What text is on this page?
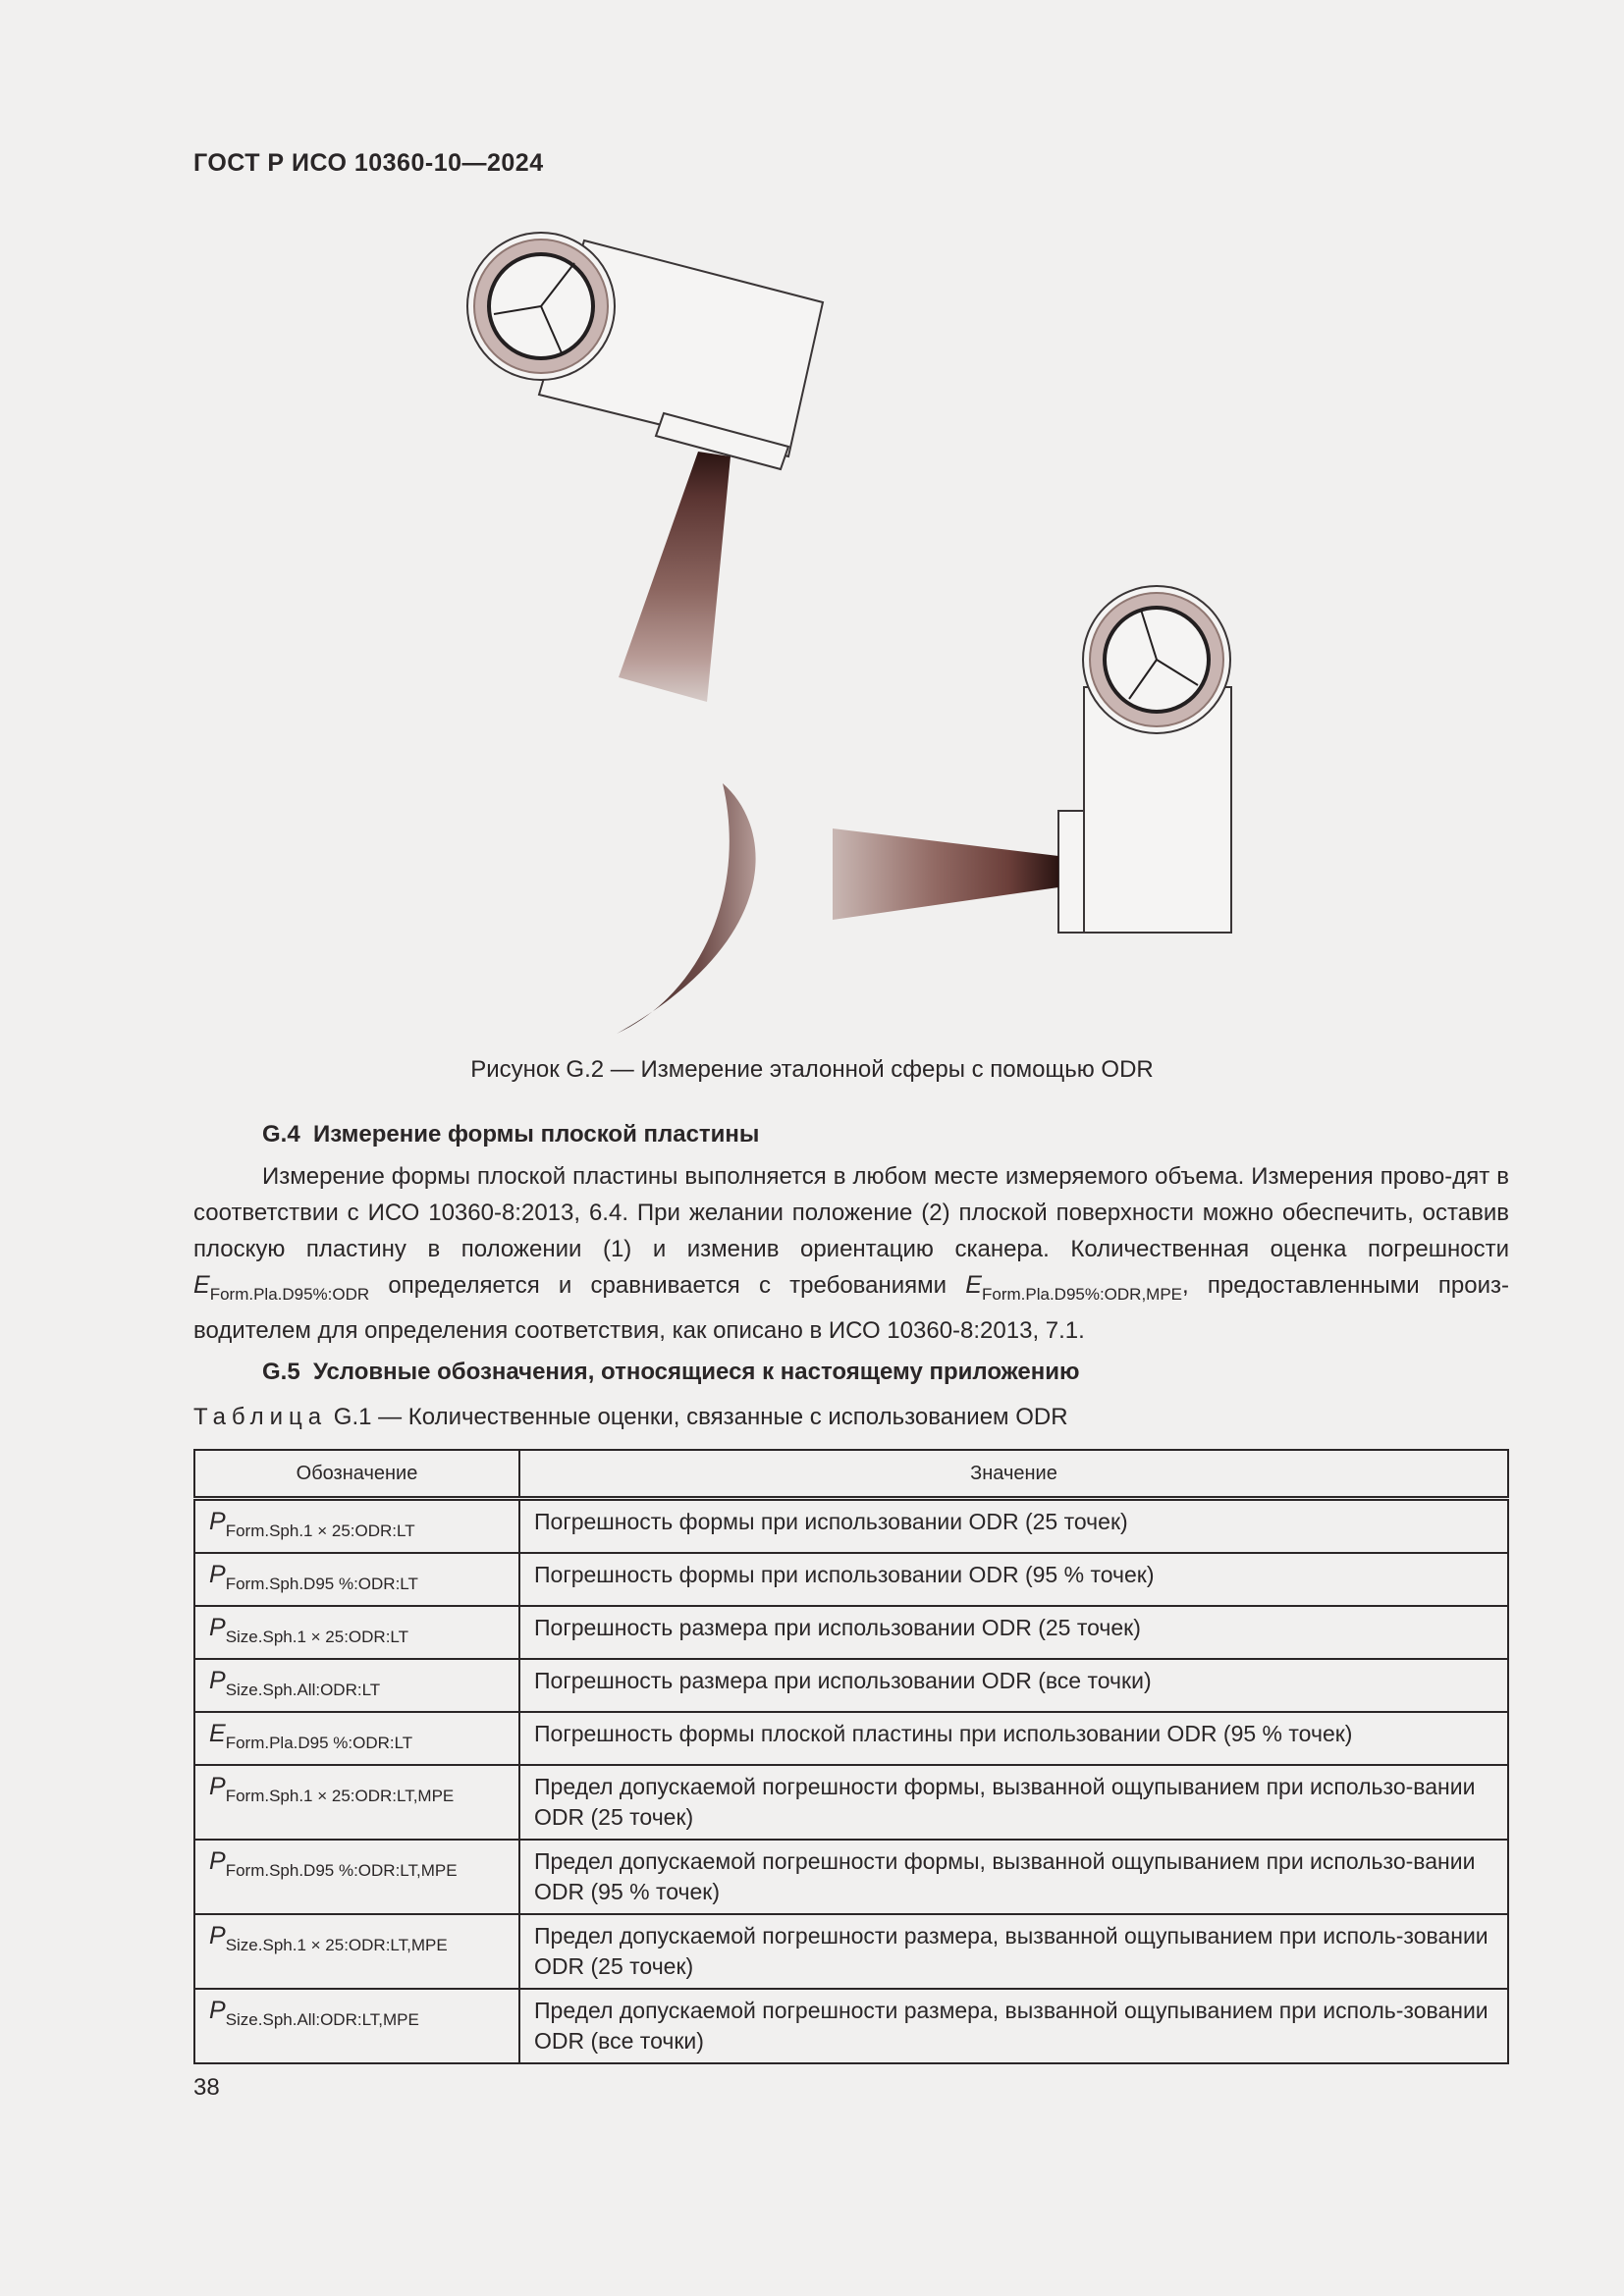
ГОСТ Р ИСО 10360-10—2024
Рисунок G.2 — Измерение эталонной сферы с помощью ODR
G.4 Измерение формы плоской пластины
Измерение формы плоской пластины выполняется в любом месте измеряемого объема. Измерения прово-дят в соответствии с ИСО 10360-8:2013, 6.4. При желании положение (2) плоской поверхности можно обеспечить, оставив плоскую пластину в положении (1) и изменив ориентацию сканера. Количественная оценка погрешности $E_{Form.Pla.D95\%:ODR}$ определяется и сравнивается с требованиями $E_{Form.Pla.D95\%:ODR,MPE}$, предоставленными произ-водителем для определения соответствия, как описано в ИСО 10360-8:2013, 7.1.
G.5 Условные обозначения, относящиеся к настоящему приложению
Таблица G.1 — Количественные оценки, связанные с использованием ODR
Обозначение	Значение
$P_{Form.Sph.1 \times 25:ODR:LT}$	Погрешность формы при использовании ODR (25 точек)
$P_{Form.Sph.D95 \%:ODR:LT}$	Погрешность формы при использовании ODR (95 % точек)
$P_{Size.Sph.1 \times 25:ODR:LT}$	Погрешность размера при использовании ODR (25 точек)
$P_{Size.Sph.All:ODR:LT}$	Погрешность размера при использовании ODR (все точки)
$E_{Form.Pla.D95 \%:ODR:LT}$	Погрешность формы плоской пластины при использовании ODR (95 % точек)
$P_{Form.Sph.1 \times 25:ODR:LT,MPE}$	Предел допускаемой погрешности формы, вызванной ощупыванием при использо-вании ODR (25 точек)
$P_{Form.Sph.D95 \%:ODR:LT,MPE}$	Предел допускаемой погрешности формы, вызванной ощупыванием при использо-вании ODR (95 % точек)
$P_{Size.Sph.1 \times 25:ODR:LT,MPE}$	Предел допускаемой погрешности размера, вызванной ощупыванием при исполь-зовании ODR (25 точек)
$P_{Size.Sph.All:ODR:LT,MPE}$	Предел допускаемой погрешности размера, вызванной ощупыванием при исполь-зовании ODR (все точки)
38
